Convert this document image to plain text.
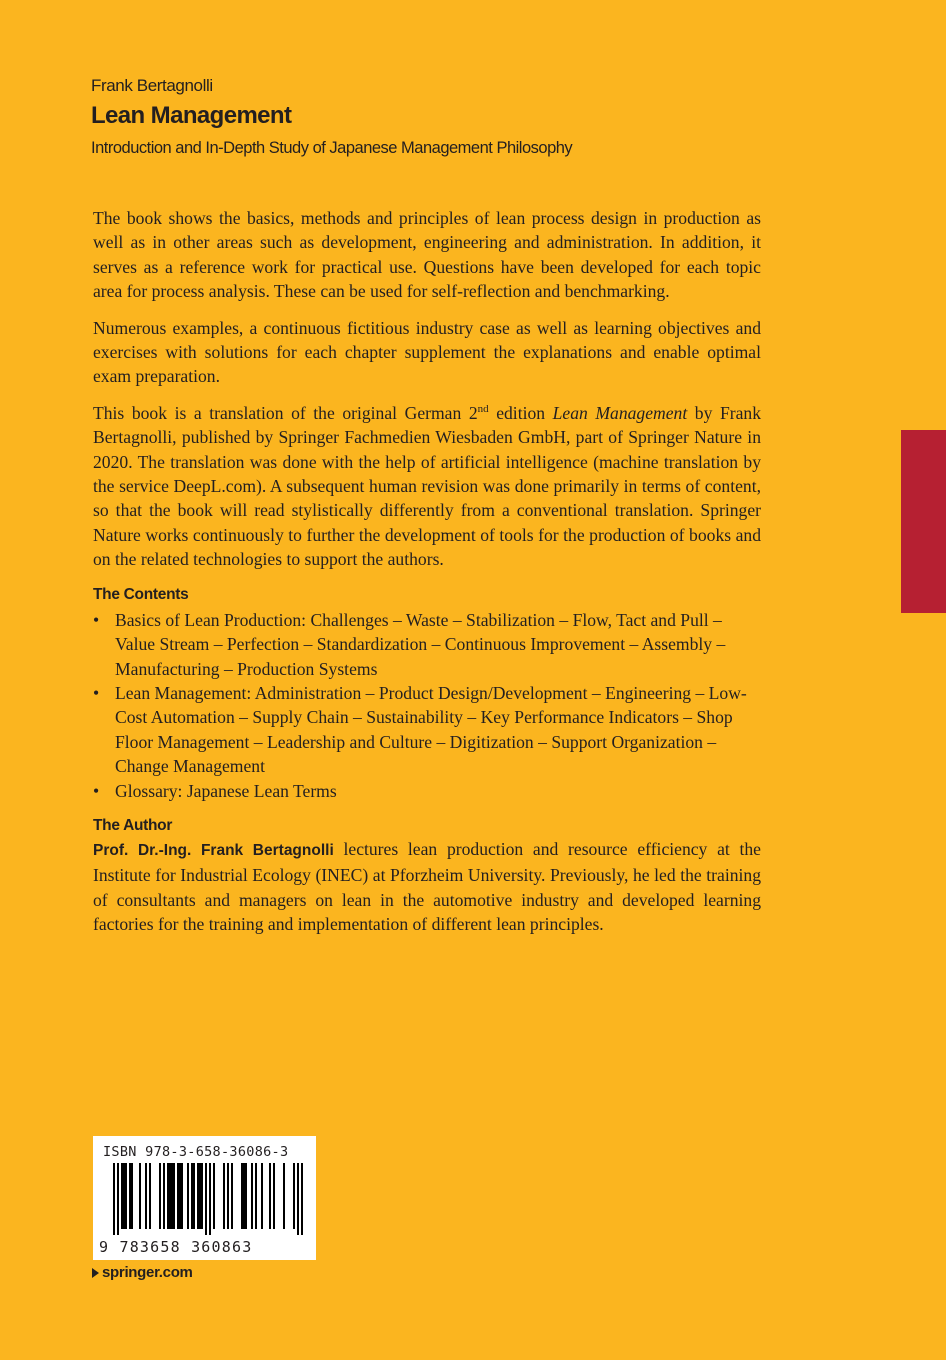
Frank Bertagnolli
Lean Management
Introduction and In-Depth Study of Japanese Management Philosophy

The book shows the basics, methods and principles of lean process design in production as well as in other areas such as development, engineering and administration. In addition, it serves as a reference work for practical use. Questions have been developed for each topic area for process analysis. These can be used for self-reflection and benchmarking.

Numerous examples, a continuous fictitious industry case as well as learning objectives and exercises with solutions for each chapter supplement the explanations and enable optimal exam preparation.

This book is a translation of the original German 2nd edition Lean Management by Frank Bertagnolli, published by Springer Fachmedien Wiesbaden GmbH, part of Springer Nature in 2020. The translation was done with the help of artificial intelligence (machine translation by the service DeepL.com). A subsequent human revision was done primarily in terms of content, so that the book will read stylistically differently from a conventional translation. Springer Nature works continuously to further the development of tools for the production of books and on the related technologies to support the authors.

The Contents
• Basics of Lean Production: Challenges – Waste – Stabilization – Flow, Tact and Pull – Value Stream – Perfection – Standardization – Continuous Improvement – Assembly – Manufacturing – Production Systems
• Lean Management: Administration – Product Design/Development – Engineering – Low-Cost Automation – Supply Chain – Sustainability – Key Performance Indicators – Shop Floor Management – Leadership and Culture – Digitization – Support Organization – Change Management
• Glossary: Japanese Lean Terms
The Author

Prof. Dr.-Ing. Frank Bertagnolli lectures lean production and resource efficiency at the Institute for Industrial Ecology (INEC) at Pforzheim University. Previously, he led the training of consultants and managers on lean in the automotive industry and developed learning factories for the training and implementation of different lean principles.

ISBN 978-3-658-36086-3
9 783658 360863
springer.com
